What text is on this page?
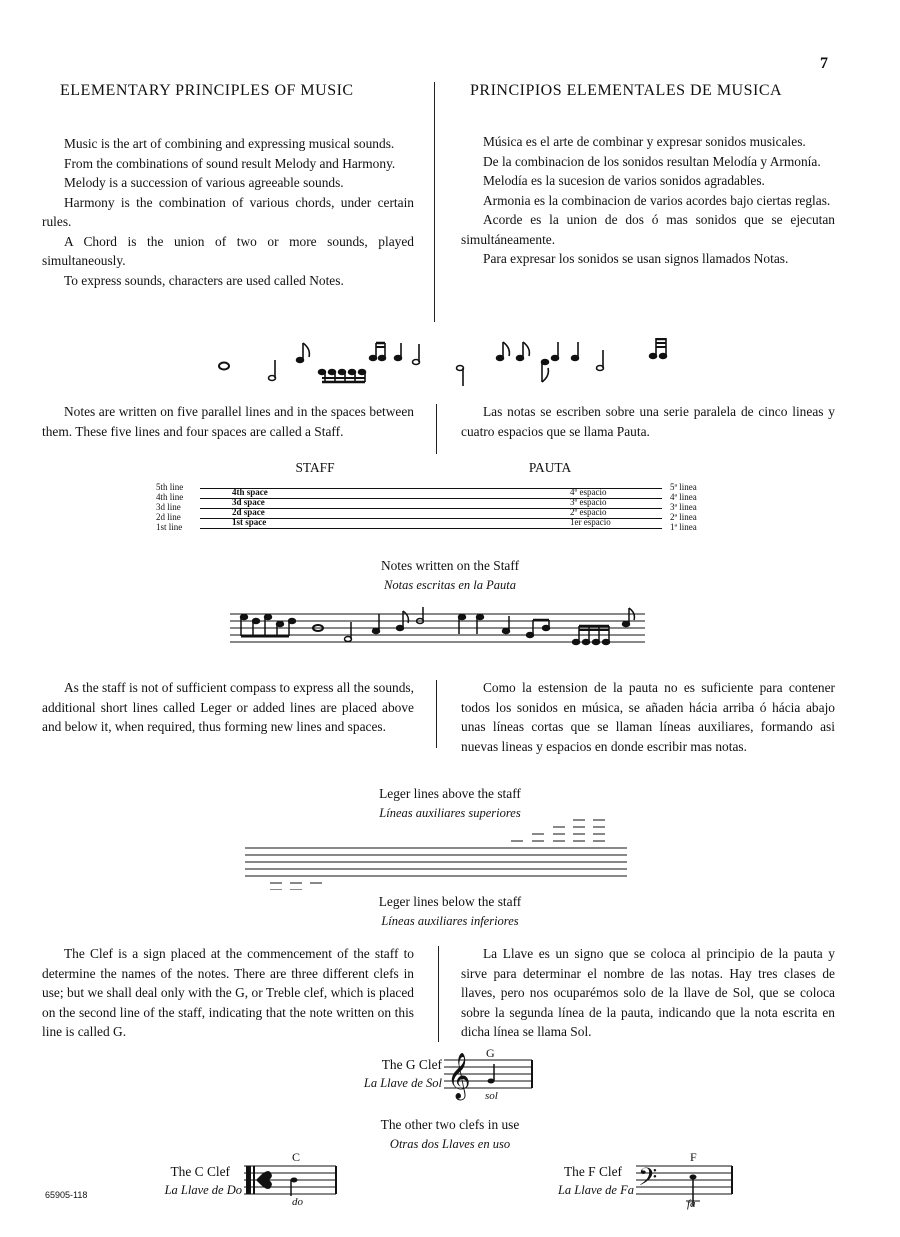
7
ELEMENTARY PRINCIPLES OF MUSIC	PRINCIPIOS ELEMENTALES DE MUSICA

Music is the art of combining and expressing musical sounds.

From the combinations of sound result Melody and Harmony.

Melody is a succession of various agreeable sounds.

Harmony is the combination of various chords, under certain rules.

A Chord is the union of two or more sounds, played simultaneously.

To express sounds, characters are used called Notes.

Música es el arte de combinar y expresar sonidos musicales.

De la combinacion de los sonidos resultan Melodía y Armonía.

Melodía es la sucesion de varios sonidos agradables.

Armonia es la combinacion de varios acordes bajo ciertas reglas.

Acorde es la union de dos ó mas sonidos que se ejecutan simultáneamente.

Para expresar los sonidos se usan signos llamados Notas.

Notes are written on five parallel lines and in the spaces between them. These five lines and four spaces are called a Staff.

Las notas se escriben sobre una serie paralela de cinco lineas y cuatro espacios que se llama Pauta.

STAFF	PAUTA
5th line
4th line
3d line
2d line
1st line
4th space
3d space
2d space
1st space
4º espacio
3º espacio
2º espacio
1er espacio
5ª linea
4ª linea
3ª linea
2ª linea
1ª linea
Notes written on the Staff
Notas escritas en la Pauta

As the staff is not of sufficient compass to express all the sounds, additional short lines called Leger or added lines are placed above and below it, when required, thus forming new lines and spaces.

Como la estension de la pauta no es suficiente para contener todos los sonidos en música, se añaden hácia arriba ó hácia abajo unas líneas cortas que se llaman líneas auxiliares, formando asi nuevas lineas y espacios en donde escribir mas notas.

Leger lines above the staff
Líneas auxiliares superiores
Leger lines below the staff
Líneas auxiliares inferiores

The Clef is a sign placed at the commencement of the staff to determine the names of the notes. There are three different clefs in use; but we shall deal only with the G, or Treble clef, which is placed on the second line of the staff, indicating that the note written on this line is called G.

La Llave es un signo que se coloca al principio de la pauta y sirve para determinar el nombre de las notas. Hay tres clases de llaves, pero nos ocuparémos solo de la llave de Sol, que se coloca sobre la segunda línea de la pauta, indicando que la nota escrita en dicha línea se llama Sol.

The G Clef
La Llave de Sol 𝄞 G
sol
The other two clefs in use
Otras dos Llaves en uso
The C Clef
La Llave de Do
C
do
The F Clef
La Llave de Fa 𝄢
F
fa
65905-118
